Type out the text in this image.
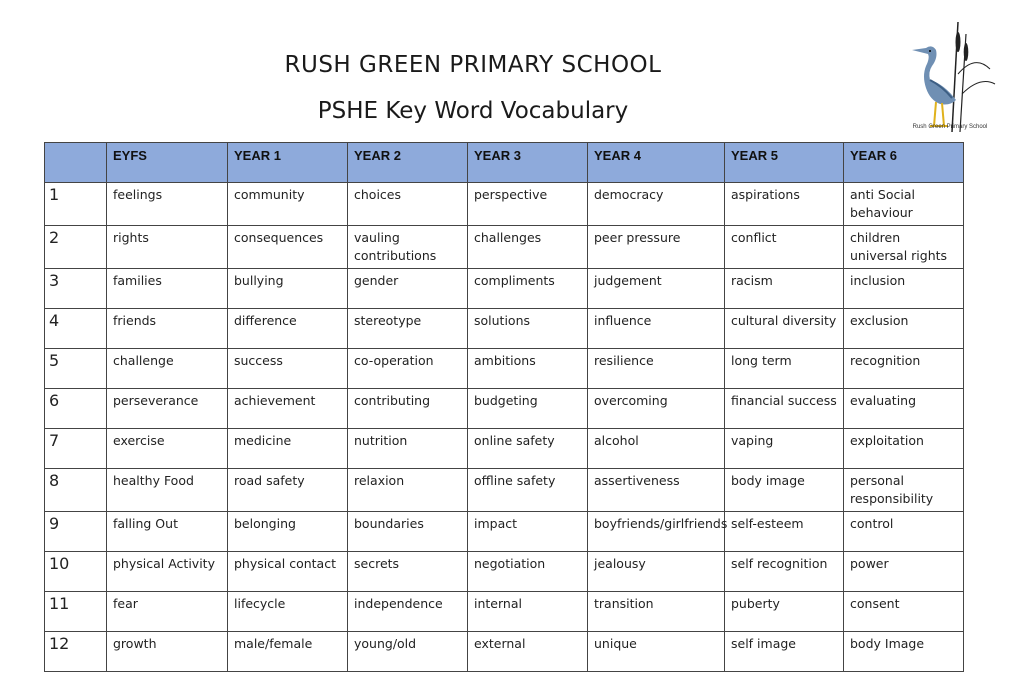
RUSH GREEN PRIMARY SCHOOL
PSHE Key Word Vocabulary
Rush Green Primary School
	EYFS	YEAR 1	YEAR 2	YEAR 3	YEAR 4	YEAR 5	YEAR 6
1	feelings	community	choices	perspective	democracy	aspirations	anti Social behaviour
2	rights	consequences	vauling contributions	challenges	peer pressure	conflict	children universal rights
3	families	bullying	gender	compliments	judgement	racism	inclusion
4	friends	difference	stereotype	solutions	influence	cultural diversity	exclusion
5	challenge	success	co-operation	ambitions	resilience	long term	recognition
6	perseverance	achievement	contributing	budgeting	overcoming	financial success	evaluating
7	exercise	medicine	nutrition	online safety	alcohol	vaping	exploitation
8	healthy Food	road safety	relaxion	offline safety	assertiveness	body image	personal responsibility
9	falling Out	belonging	boundaries	impact	boyfriends/girlfriends	self-esteem	control
10	physical Activity	physical contact	secrets	negotiation	jealousy	self recognition	power
11	fear	lifecycle	independence	internal	transition	puberty	consent
12	growth	male/female	young/old	external	unique	self image	body Image
